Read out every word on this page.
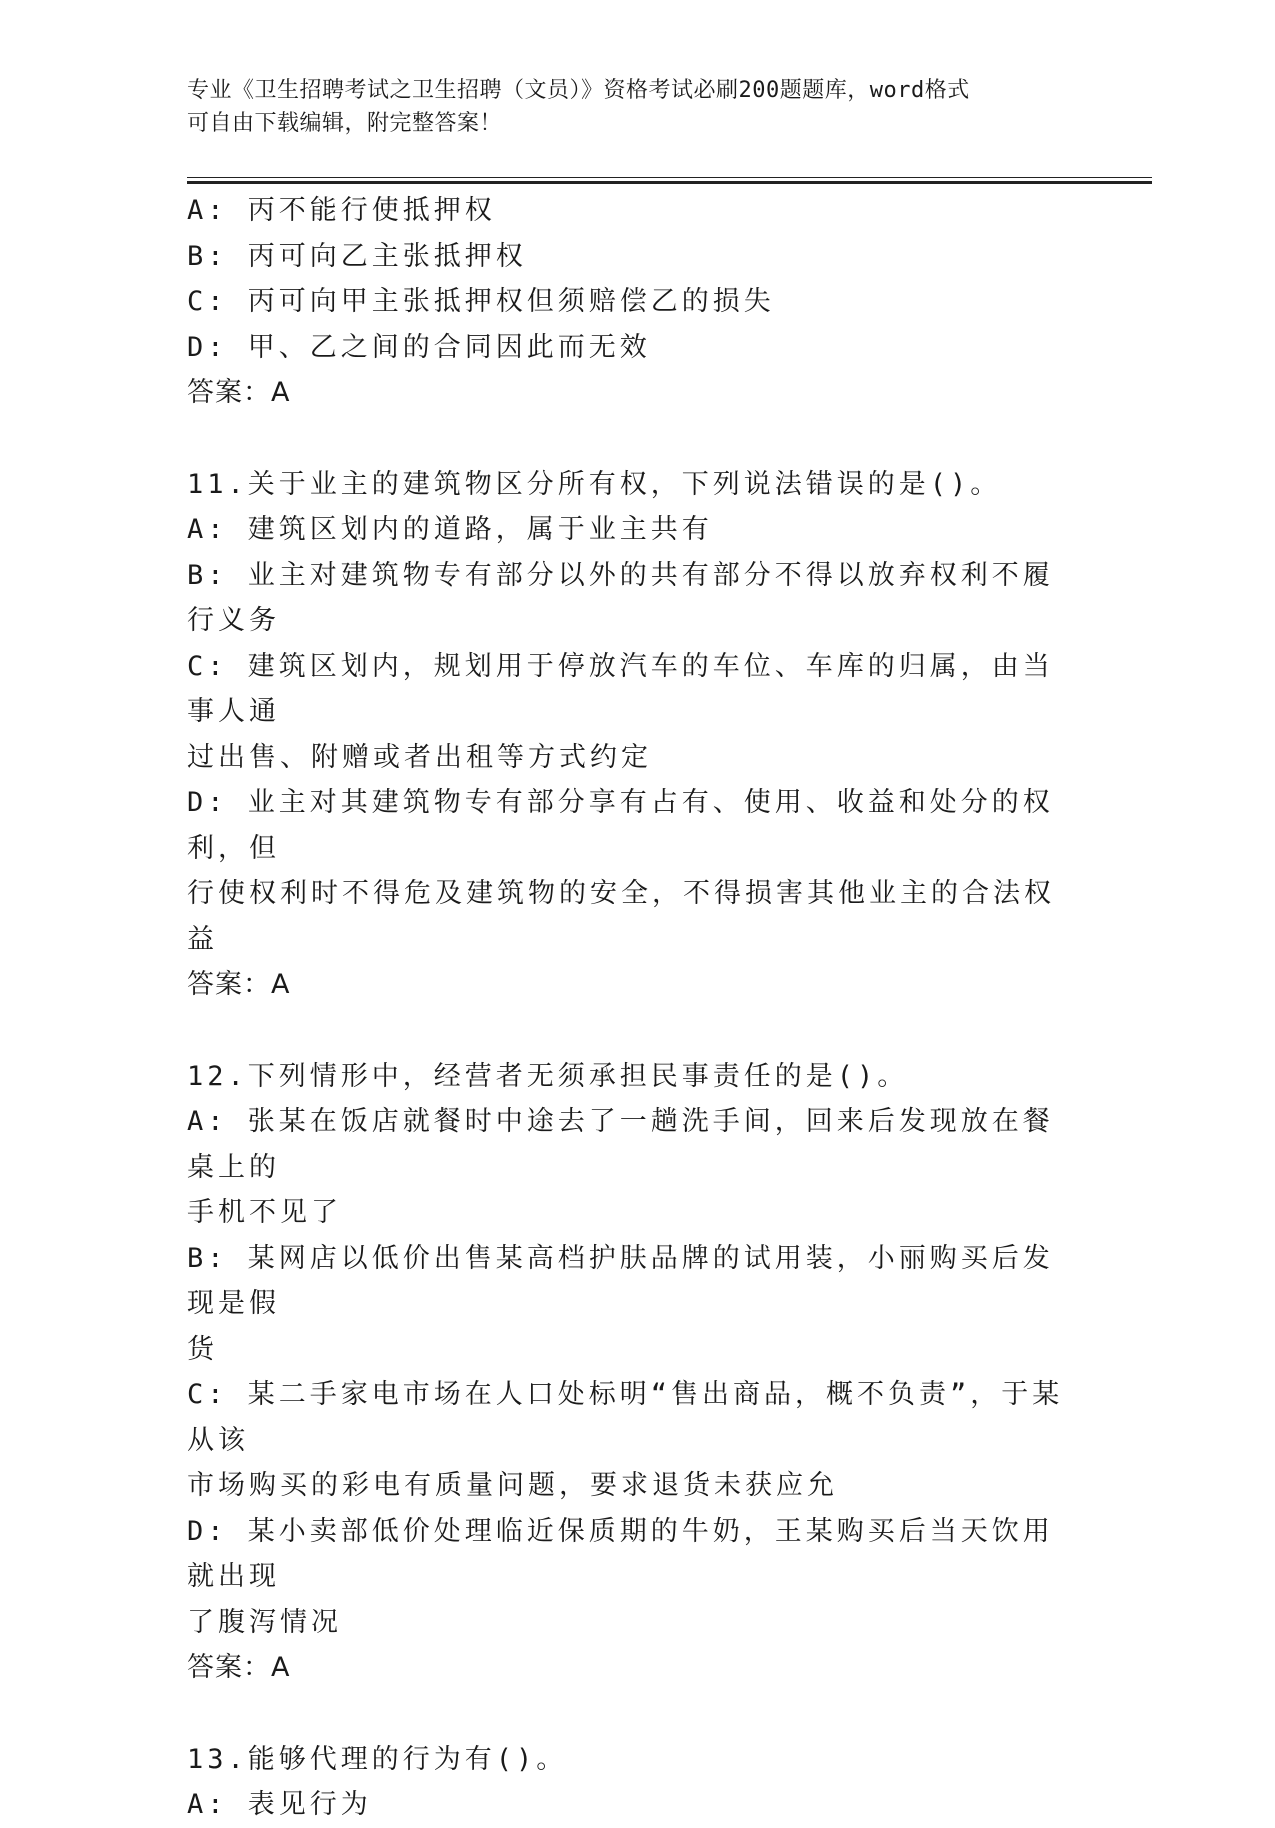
专业《卫生招聘考试之卫生招聘（文员）》资格考试必刷200题题库，word格式
可自由下载编辑，附完整答案！

A: 丙不能行使抵押权

B: 丙可向乙主张抵押权

C: 丙可向甲主张抵押权但须赔偿乙的损失

D: 甲、乙之间的合同因此而无效

答案：A

11.关于业主的建筑物区分所有权，下列说法错误的是()。

A: 建筑区划内的道路，属于业主共有

B: 业主对建筑物专有部分以外的共有部分不得以放弃权利不履行义务

C: 建筑区划内，规划用于停放汽车的车位、车库的归属，由当事人通

过出售、附赠或者出租等方式约定

D: 业主对其建筑物专有部分享有占有、使用、收益和处分的权利，但

行使权利时不得危及建筑物的安全，不得损害其他业主的合法权益

答案：A

12.下列情形中，经营者无须承担民事责任的是()。

A: 张某在饭店就餐时中途去了一趟洗手间，回来后发现放在餐桌上的

手机不见了

B: 某网店以低价出售某高档护肤品牌的试用装，小丽购买后发现是假

货

C: 某二手家电市场在人口处标明“售出商品，概不负责”，于某从该

市场购买的彩电有质量问题，要求退货未获应允

D: 某小卖部低价处理临近保质期的牛奶，王某购买后当天饮用就出现

了腹泻情况

答案：A

13.能够代理的行为有()。

A: 表见行为
